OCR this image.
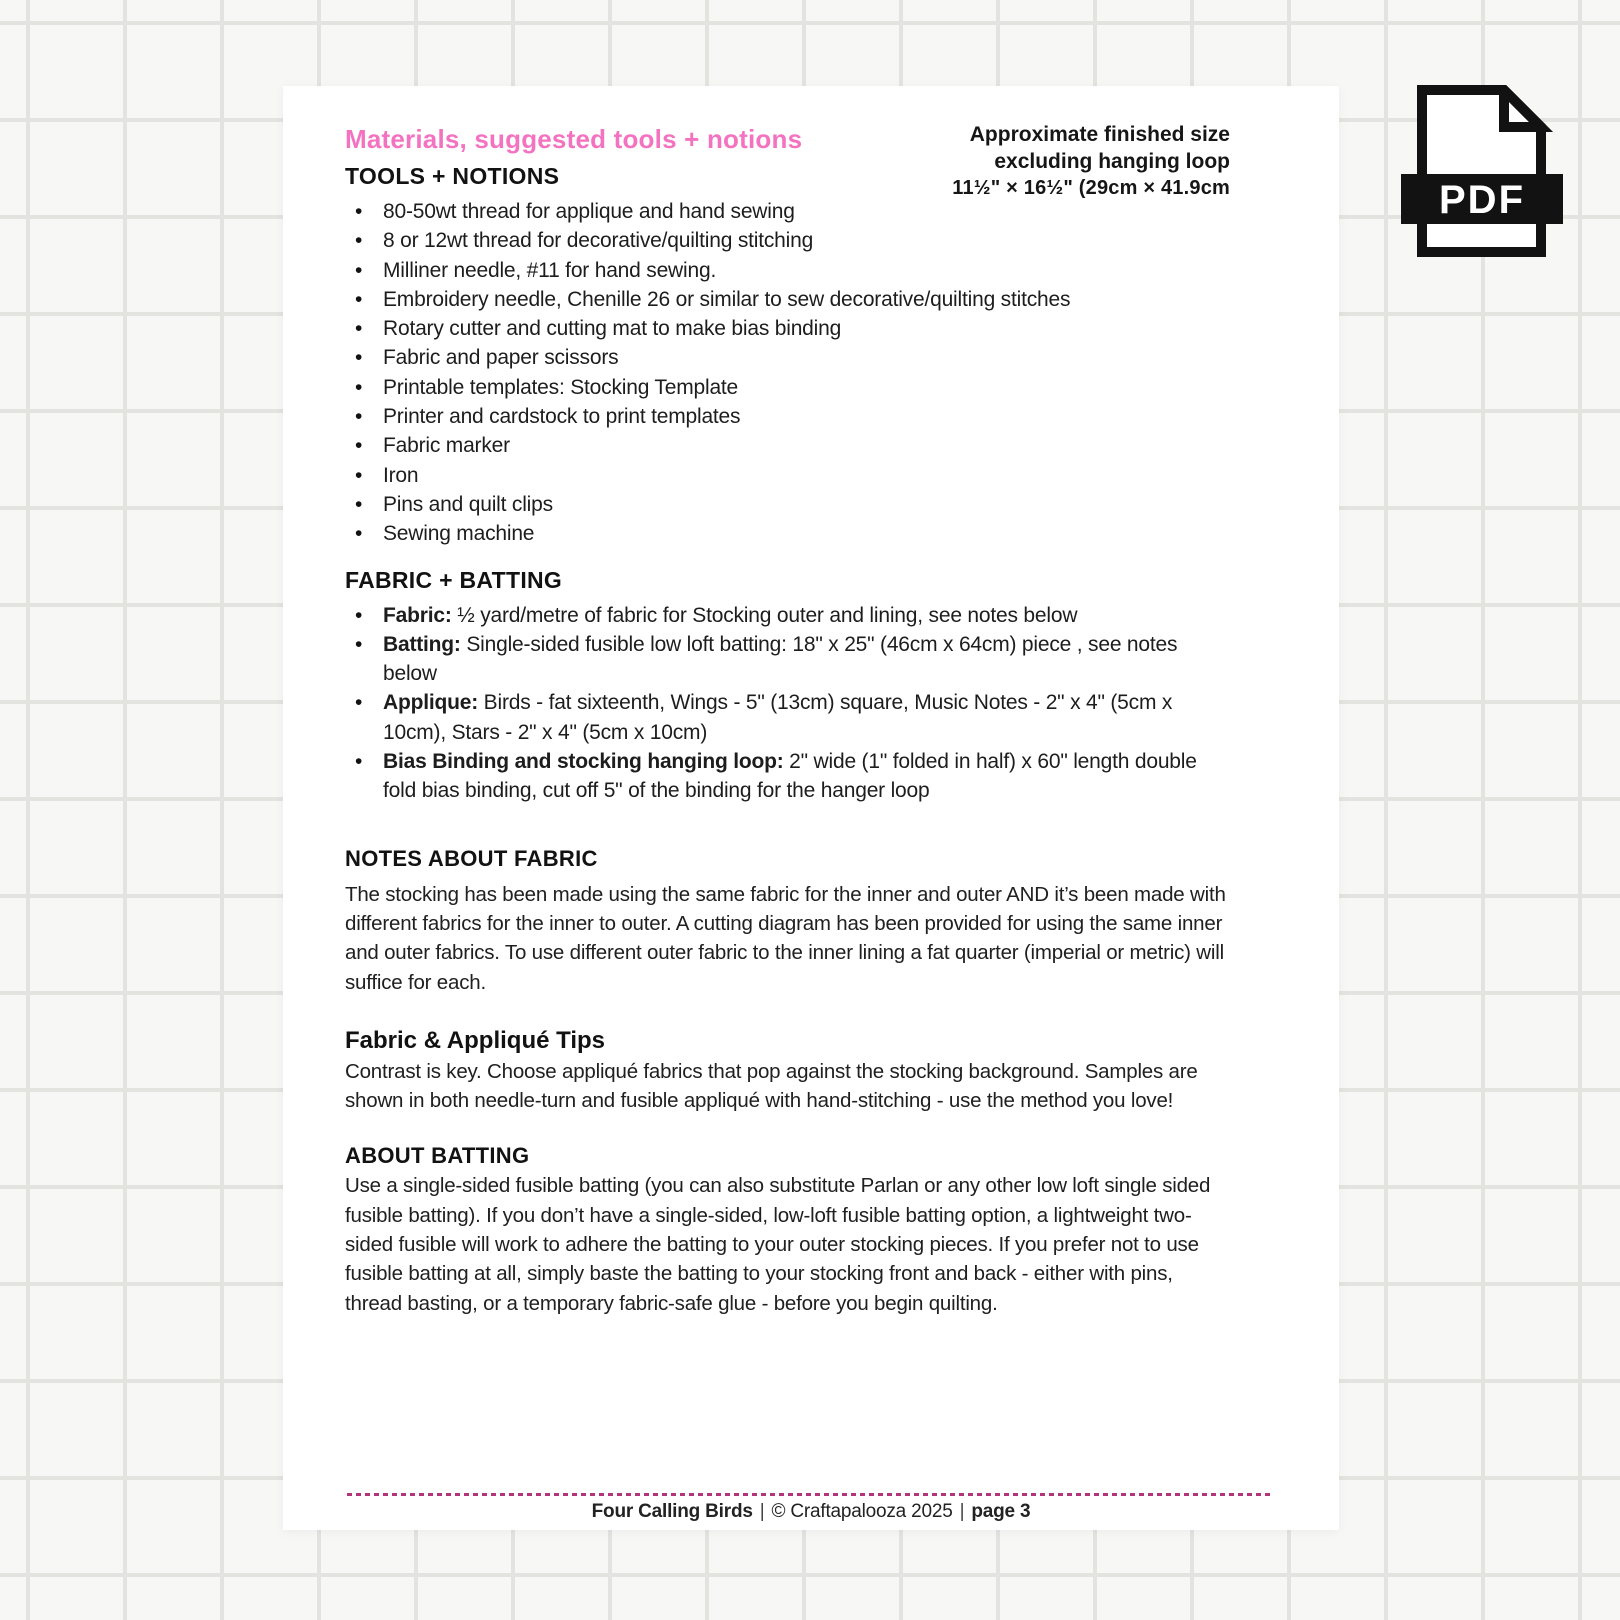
Approximate finished size
excluding hanging loop
11½" × 16½" (29cm × 41.9cm
Materials, suggested tools + notions
TOOLS + NOTIONS
• 80-50wt thread for applique and hand sewing
• 8 or 12wt thread for decorative/quilting stitching
• Milliner needle, #11 for hand sewing.
• Embroidery needle, Chenille 26 or similar to sew decorative/quilting stitches
• Rotary cutter and cutting mat to make bias binding
• Fabric and paper scissors
• Printable templates: Stocking Template
• Printer and cardstock to print templates
• Fabric marker
• Iron
• Pins and quilt clips
• Sewing machine
FABRIC + BATTING
• Fabric: ½ yard/metre of fabric for Stocking outer and lining, see notes below
• Batting: Single-sided fusible low loft batting: 18" x 25" (46cm x 64cm) piece , see notes below
• Applique: Birds - fat sixteenth, Wings - 5" (13cm) square, Music Notes - 2" x 4" (5cm x 10cm), Stars - 2" x 4" (5cm x 10cm)
• Bias Binding and stocking hanging loop: 2" wide (1" folded in half) x 60" length double fold bias binding, cut off 5" of the binding for the hanger loop
NOTES ABOUT FABRIC

The stocking has been made using the same fabric for the inner and outer AND it’s been made with different fabrics for the inner to outer. A cutting diagram has been provided for using the same inner and outer fabrics. To use different outer fabric to the inner lining a fat quarter (imperial or metric) will suffice for each.

Fabric & Appliqué Tips

Contrast is key. Choose appliqué fabrics that pop against the stocking background. Samples are shown in both needle-turn and fusible appliqué with hand-stitching - use the method you love!

ABOUT BATTING

Use a single-sided fusible batting (you can also substitute Parlan or any other low loft single sided fusible batting). If you don’t have a single-sided, low-loft fusible batting option, a lightweight two-sided fusible will work to adhere the batting to your outer stocking pieces. If you prefer not to use fusible batting at all, simply baste the batting to your stocking front and back - either with pins, thread basting, or a temporary fabric-safe glue - before you begin quilting.

Four Calling Birds | © Craftapalooza 2025 | page 3
PDF
